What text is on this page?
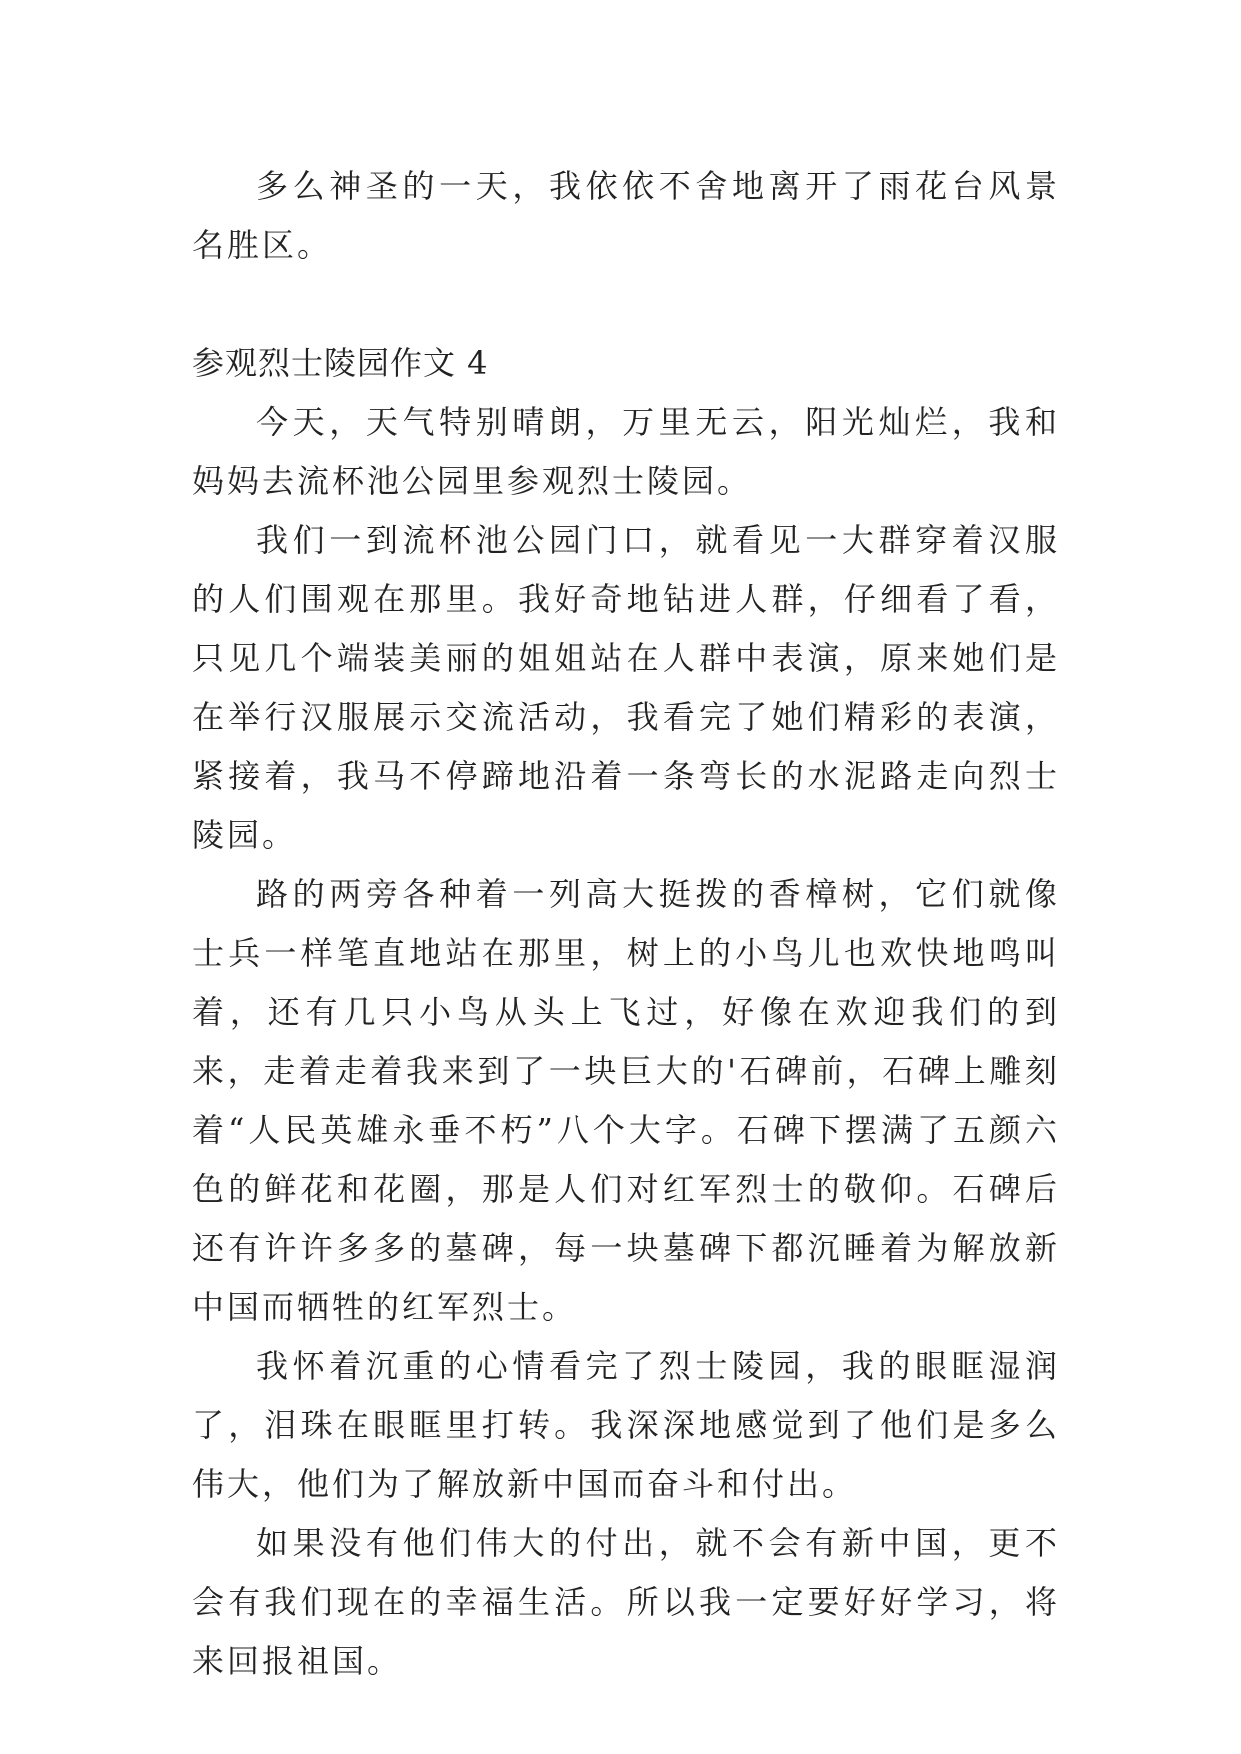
多么神圣的一天，我依依不舍地离开了雨花台风景名胜区。

参观烈士陵园作文 4

今天，天气特别晴朗，万里无云，阳光灿烂，我和妈妈去流杯池公园里参观烈士陵园。

我们一到流杯池公园门口，就看见一大群穿着汉服的人们围观在那里。我好奇地钻进人群，仔细看了看，只见几个端装美丽的姐姐站在人群中表演，原来她们是在举行汉服展示交流活动，我看完了她们精彩的表演，紧接着，我马不停蹄地沿着一条弯长的水泥路走向烈士陵园。

路的两旁各种着一列高大挺拨的香樟树，它们就像士兵一样笔直地站在那里，树上的小鸟儿也欢快地鸣叫着，还有几只小鸟从头上飞过，好像在欢迎我们的到来，走着走着我来到了一块巨大的'石碑前，石碑上雕刻着“人民英雄永垂不朽”八个大字。石碑下摆满了五颜六色的鲜花和花圈，那是人们对红军烈士的敬仰。石碑后还有许许多多的墓碑，每一块墓碑下都沉睡着为解放新中国而牺牲的红军烈士。

我怀着沉重的心情看完了烈士陵园，我的眼眶湿润了，泪珠在眼眶里打转。我深深地感觉到了他们是多么伟大，他们为了解放新中国而奋斗和付出。

如果没有他们伟大的付出，就不会有新中国，更不会有我们现在的幸福生活。所以我一定要好好学习，将来回报祖国。
